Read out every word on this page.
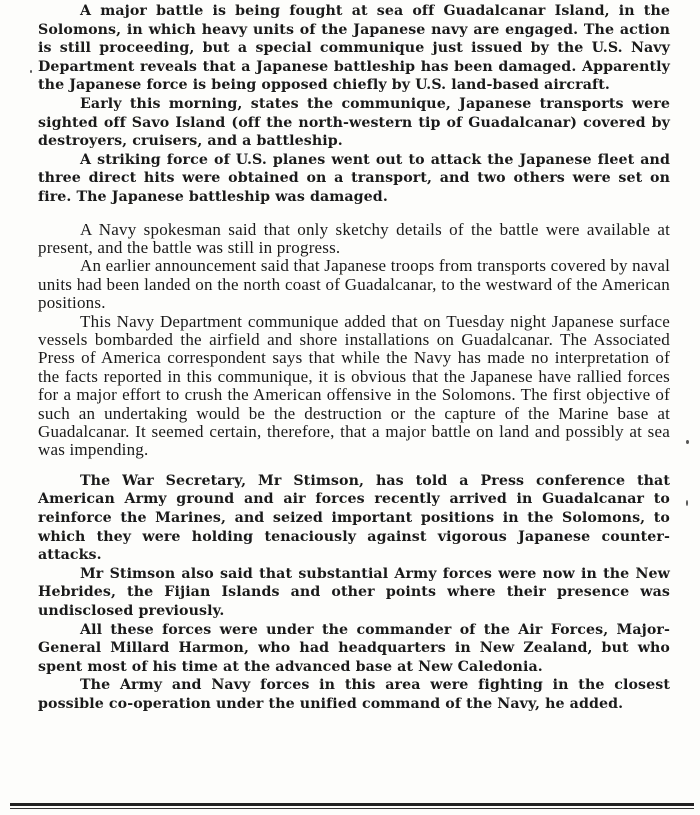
A major battle is being fought at sea off Guadalcanar Island, in the Solomons, in which heavy units of the Japanese navy are engaged. The action is still proceeding, but a special communique just issued by the U.S. Navy Department reveals that a Japanese battleship has been damaged. Apparently the Japanese force is being opposed chiefly by U.S. land-based aircraft.

Early this morning, states the communique, Japanese transports were sighted off Savo Island (off the north-western tip of Guadalcanar) covered by destroyers, cruisers, and a battleship.

A striking force of U.S. planes went out to attack the Japanese fleet and three direct hits were obtained on a transport, and two others were set on fire. The Japanese battleship was damaged.

A Navy spokesman said that only sketchy details of the battle were available at present, and the battle was still in progress.

An earlier announcement said that Japanese troops from transports covered by naval units had been landed on the north coast of Guadalcanar, to the westward of the American positions.

This Navy Department communique added that on Tuesday night Japanese surface vessels bombarded the airfield and shore installations on Guadalcanar. The Associated Press of America correspondent says that while the Navy has made no interpretation of the facts reported in this communique, it is obvious that the Japanese have rallied forces for a major effort to crush the American offensive in the Solomons. The first objective of such an undertaking would be the destruction or the capture of the Marine base at Guadalcanar. It seemed certain, therefore, that a major battle on land and possibly at sea was impending.

The War Secretary, Mr Stimson, has told a Press conference that American Army ground and air forces recently arrived in Guadalcanar to reinforce the Marines, and seized important positions in the Solomons, to which they were holding tenaciously against vigorous Japanese counter-attacks.

Mr Stimson also said that substantial Army forces were now in the New Hebrides, the Fijian Islands and other points where their presence was undisclosed previously.

All these forces were under the commander of the Air Forces, Major-General Millard Harmon, who had headquarters in New Zealand, but who spent most of his time at the advanced base at New Caledonia.

The Army and Navy forces in this area were fighting in the closest possible co-operation under the unified command of the Navy, he added.
